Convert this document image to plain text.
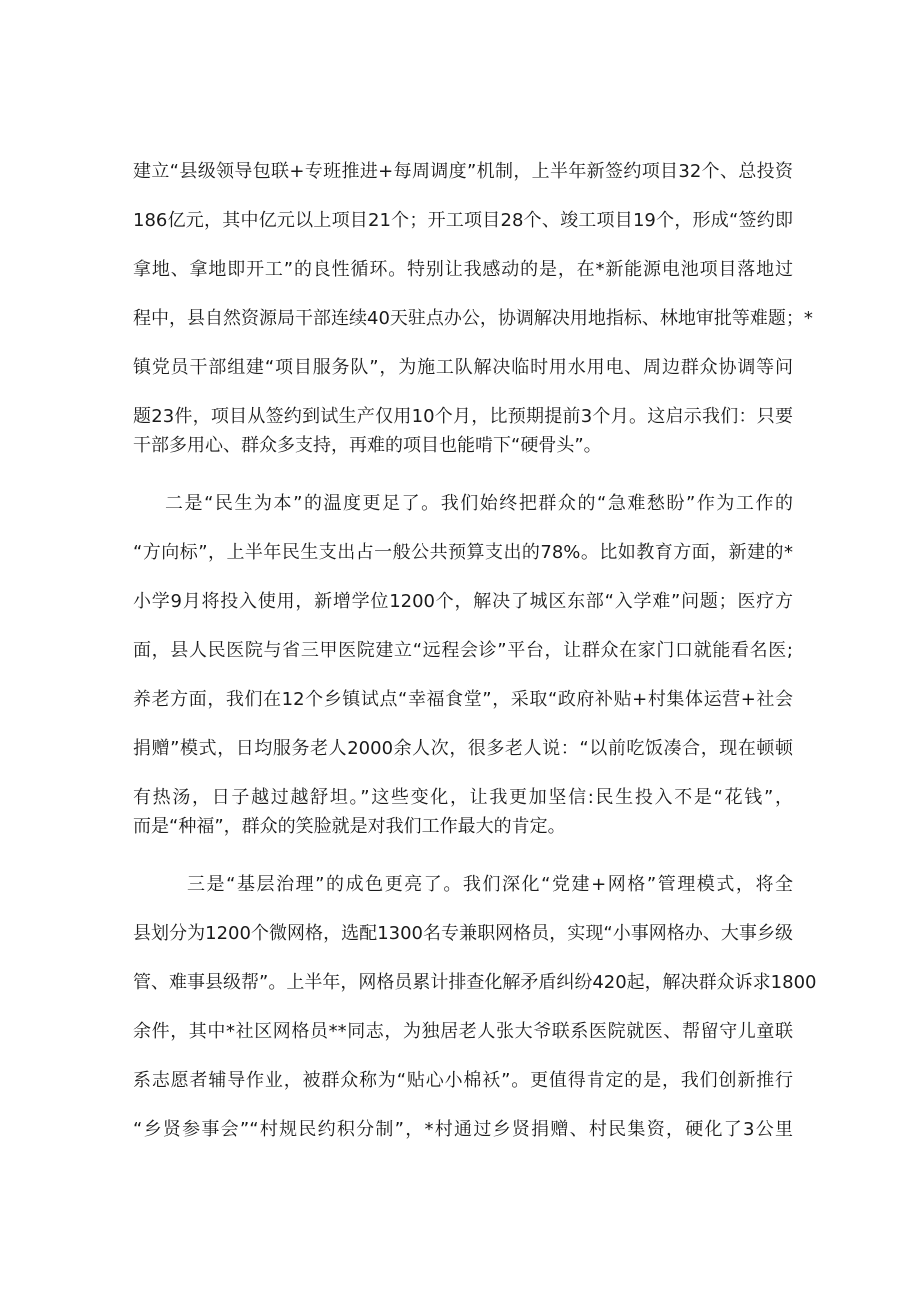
建立“县级领导包联+专班推进+每周调度”机制，上半年新签约项目32个、总投资
186亿元，其中亿元以上项目21个；开工项目28个、竣工项目19个，形成“签约即
拿地、拿地即开工”的良性循环。特别让我感动的是，在*新能源电池项目落地过
程中，县自然资源局干部连续40天驻点办公，协调解决用地指标、林地审批等难题；*
镇党员干部组建“项目服务队”，为施工队解决临时用水用电、周边群众协调等问
题23件，项目从签约到试生产仅用10个月，比预期提前3个月。这启示我们：只要
干部多用心、群众多支持，再难的项目也能啃下“硬骨头”。
二是“民生为本”的温度更足了。我们始终把群众的“急难愁盼”作为工作的
“方向标”，上半年民生支出占一般公共预算支出的78%。比如教育方面，新建的*
小学9月将投入使用，新增学位1200个，解决了城区东部“入学难”问题；医疗方
面，县人民医院与省三甲医院建立“远程会诊”平台，让群众在家门口就能看名医;
养老方面，我们在12个乡镇试点“幸福食堂”，采取“政府补贴+村集体运营+社会
捐赠”模式，日均服务老人2000余人次，很多老人说：“以前吃饭凑合，现在顿顿
有热汤，日子越过越舒坦。”这些变化，让我更加坚信:民生投入不是“花钱”，
而是“种福”，群众的笑脸就是对我们工作最大的肯定。
三是“基层治理”的成色更亮了。我们深化“党建+网格”管理模式，将全
县划分为1200个微网格，选配1300名专兼职网格员，实现“小事网格办、大事乡级
管、难事县级帮”。上半年，网格员累计排查化解矛盾纠纷420起，解决群众诉求1800
余件，其中*社区网格员**同志，为独居老人张大爷联系医院就医、帮留守儿童联
系志愿者辅导作业，被群众称为“贴心小棉袄”。更值得肯定的是，我们创新推行
“乡贤参事会”“村规民约积分制”，*村通过乡贤捐赠、村民集资，硬化了3公里
